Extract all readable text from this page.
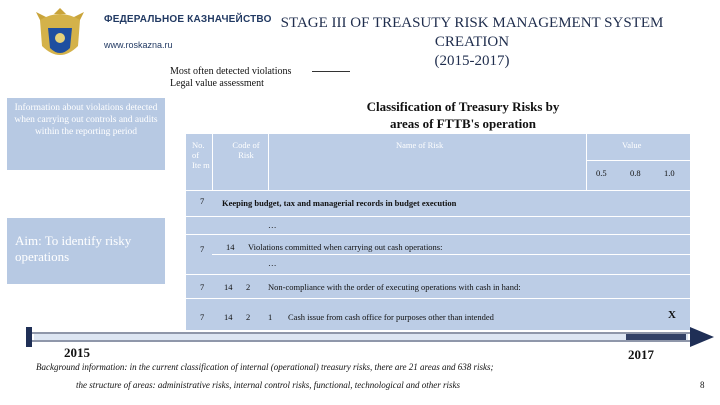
ФЕДЕРАЛЬНОЕ КАЗНАЧЕЙСТВО
www.roskazna.ru
STAGE III OF TREASUTY RISK MANAGEMENT SYSTEM CREATION
(2015-2017)
Most often detected violations
Legal value assessment
Information about violations detected when carrying out controls and audits within the reporting period
Aim: To identify risky operations
Classification of Treasury Risks by areas of FTTB's operation
No. of Ite m
Code of Risk
Name of Risk	Value
0.5	0.8	1.0
7 Keeping budget, tax and managerial records in budget execution
…
7	14 Violations committed when carrying out cash operations:
…
7 14 2 Non-compliance with the order of executing operations with cash in hand:
7 14 2 1 Cash issue from cash office for purposes other than intended	X
2015	2017
Background information: in the current classification of internal (operational) treasury risks, there are 21 areas and 638 risks;
the structure of areas: administrative risks, internal control risks, functional, technological and other risks	8
